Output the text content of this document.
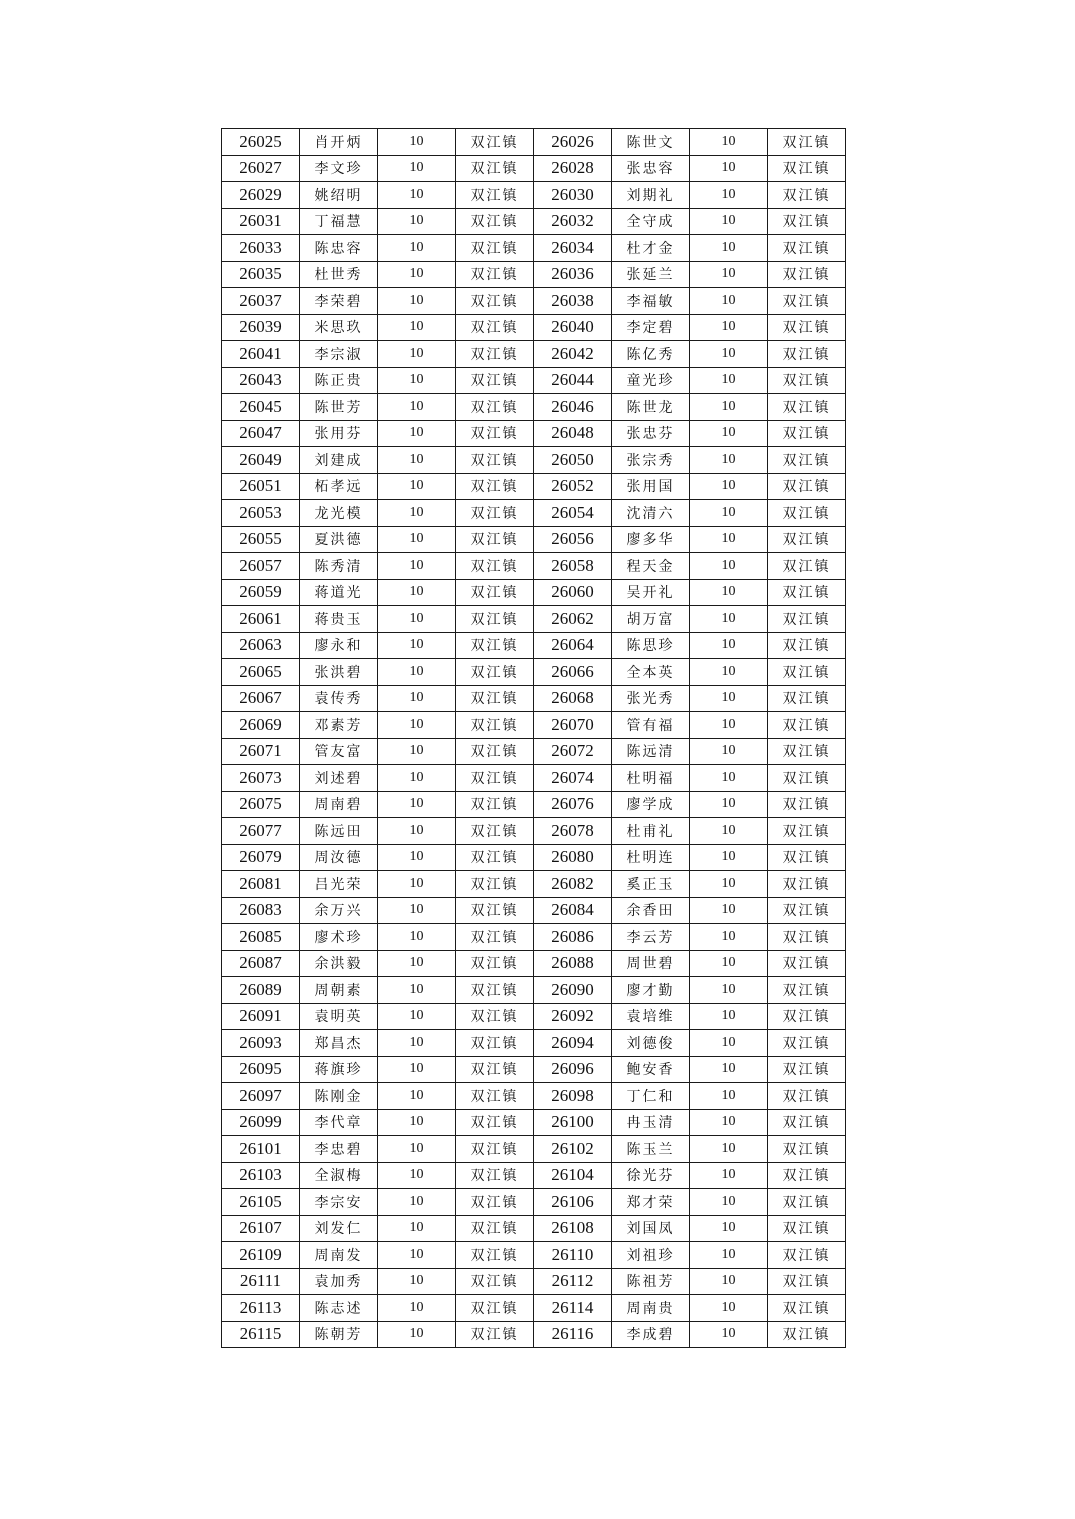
26025	肖开炳	10	双江镇	26026	陈世文	10	双江镇
26027	李文珍	10	双江镇	26028	张忠容	10	双江镇
26029	姚绍明	10	双江镇	26030	刘期礼	10	双江镇
26031	丁福慧	10	双江镇	26032	全守成	10	双江镇
26033	陈忠容	10	双江镇	26034	杜才金	10	双江镇
26035	杜世秀	10	双江镇	26036	张延兰	10	双江镇
26037	李荣碧	10	双江镇	26038	李福敏	10	双江镇
26039	米思玖	10	双江镇	26040	李定碧	10	双江镇
26041	李宗淑	10	双江镇	26042	陈亿秀	10	双江镇
26043	陈正贵	10	双江镇	26044	童光珍	10	双江镇
26045	陈世芳	10	双江镇	26046	陈世龙	10	双江镇
26047	张用芬	10	双江镇	26048	张忠芬	10	双江镇
26049	刘建成	10	双江镇	26050	张宗秀	10	双江镇
26051	柘孝远	10	双江镇	26052	张用国	10	双江镇
26053	龙光模	10	双江镇	26054	沈清六	10	双江镇
26055	夏洪德	10	双江镇	26056	廖多华	10	双江镇
26057	陈秀清	10	双江镇	26058	程天金	10	双江镇
26059	蒋道光	10	双江镇	26060	吴开礼	10	双江镇
26061	蒋贵玉	10	双江镇	26062	胡万富	10	双江镇
26063	廖永和	10	双江镇	26064	陈思珍	10	双江镇
26065	张洪碧	10	双江镇	26066	全本英	10	双江镇
26067	袁传秀	10	双江镇	26068	张光秀	10	双江镇
26069	邓素芳	10	双江镇	26070	管有福	10	双江镇
26071	管友富	10	双江镇	26072	陈远清	10	双江镇
26073	刘述碧	10	双江镇	26074	杜明福	10	双江镇
26075	周南碧	10	双江镇	26076	廖学成	10	双江镇
26077	陈远田	10	双江镇	26078	杜甫礼	10	双江镇
26079	周汝德	10	双江镇	26080	杜明连	10	双江镇
26081	吕光荣	10	双江镇	26082	奚正玉	10	双江镇
26083	余万兴	10	双江镇	26084	余香田	10	双江镇
26085	廖术珍	10	双江镇	26086	李云芳	10	双江镇
26087	余洪毅	10	双江镇	26088	周世碧	10	双江镇
26089	周朝素	10	双江镇	26090	廖才勤	10	双江镇
26091	袁明英	10	双江镇	26092	袁培维	10	双江镇
26093	郑昌杰	10	双江镇	26094	刘德俊	10	双江镇
26095	蒋旗珍	10	双江镇	26096	鲍安香	10	双江镇
26097	陈刚金	10	双江镇	26098	丁仁和	10	双江镇
26099	李代章	10	双江镇	26100	冉玉清	10	双江镇
26101	李忠碧	10	双江镇	26102	陈玉兰	10	双江镇
26103	全淑梅	10	双江镇	26104	徐光芬	10	双江镇
26105	李宗安	10	双江镇	26106	郑才荣	10	双江镇
26107	刘发仁	10	双江镇	26108	刘国凤	10	双江镇
26109	周南发	10	双江镇	26110	刘祖珍	10	双江镇
26111	袁加秀	10	双江镇	26112	陈祖芳	10	双江镇
26113	陈志述	10	双江镇	26114	周南贵	10	双江镇
26115	陈朝芳	10	双江镇	26116	李成碧	10	双江镇
